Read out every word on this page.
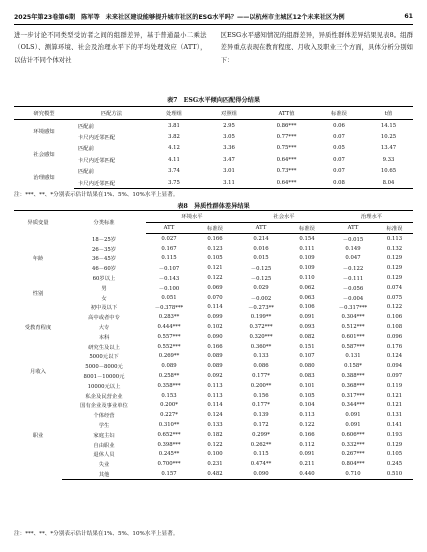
2025年第23卷第6期 陈军等 未来社区建设能够提升城市社区的ESG水平吗？——以杭州市主城区12个未来社区为例	61

进一步讨论不同类型受访者之间的组群差异，基于普通最小二乘法（OLS）、测算环境、社会及治理水平下的平均处理效应（ATT），以估计不同个体对社

区ESG水平感知情况的组群差异，异质性群体差异结果见表8。组群差异重点表现在教育程度、月收入及职业三个方面，具体分析分别如下：

表7　ESG水平倾向匹配得分结果
研究模型	匹配方法	处理组	对照组	ATT值	标准误	t值
环境感知	匹配前	3.81	2.95	0.86***	0.06	14.15
	卡尺内近邻匹配	3.82	3.05	0.77***	0.07	10.25
社会感知	匹配前	4.12	3.36	0.75***	0.05	13.47
	卡尺内近邻匹配	4.11	3.47	0.64***	0.07	9.33
治理感知	匹配前	3.74	3.01	0.73***	0.07	10.65
	卡尺内近邻匹配	3.75	3.11	0.64***	0.08	8.04
注：***、**、*分别表示估计结果在1%、5%、10%水平上显著。
表8　异质性群体差异结果
异质变量	分类标准	环境水平		社会水平		治理水平	
		ATT	标准误	ATT	标准误	ATT	标准误
年龄	18－25岁	0.027	0.166	0.214	0.154	－0.015	0.113
	26－35岁	0.167	0.123	0.016	0.111	0.149	0.132
	36－45岁	0.115	0.105	0.015	0.109	0.047	0.129
	46－60岁	－0.107	0.121	－0.125	0.109	－0.122	0.129
	60岁以上	－0.143	0.122	－0.125	0.110	－0.111	0.129
性别	男	－0.100	0.069	0.029	0.062	－0.056	0.074
	女	0.051	0.070	－0.002	0.063	－0.004	0.075
受教育程度	初中及以下	－0.378***	0.114	－0.273**	0.106	－0.317***	0.122
	高中或者中专	0.283**	0.099	0.199**	0.091	0.304***	0.106
	大专	0.444***	0.102	0.372***	0.093	0.512***	0.108
	本科	0.557***	0.090	0.320***	0.082	0.601***	0.096
	研究生及以上	0.552***	0.166	0.360**	0.151	0.587***	0.176
月收入	5000元以下	0.269**	0.089	0.133	0.107	0.131	0.124
	5000－8000元	0.089	0.089	0.086	0.080	0.158*	0.094
	8001－10000元	0.258**	0.092	0.177*	0.083	0.388***	0.097
	10000元以上	0.358***	0.113	0.200**	0.101	0.368***	0.119
职业	私企及民营企业	0.153	0.113	0.156	0.105	0.317***	0.121
	国有企业及事业单位	0.200*	0.114	0.177*	0.104	0.344***	0.121
	个体经营	0.227*	0.124	0.139	0.113	0.091	0.131
	学生	0.310**	0.133	0.172	0.122	0.091	0.141
	家庭主妇	0.652***	0.182	0.299*	0.166	0.606***	0.193
	自由职业	0.398***	0.122	0.262**	0.112	0.332***	0.129
	退休人员	0.245**	0.100	0.115	0.091	0.267***	0.105
	失业	0.700***	0.231	0.474**	0.211	0.804***	0.245
	其他	0.157	0.482	0.090	0.440	0.710	0.510
注：***、**、*分别表示估计结果在1%、5%、10%水平上显著。
